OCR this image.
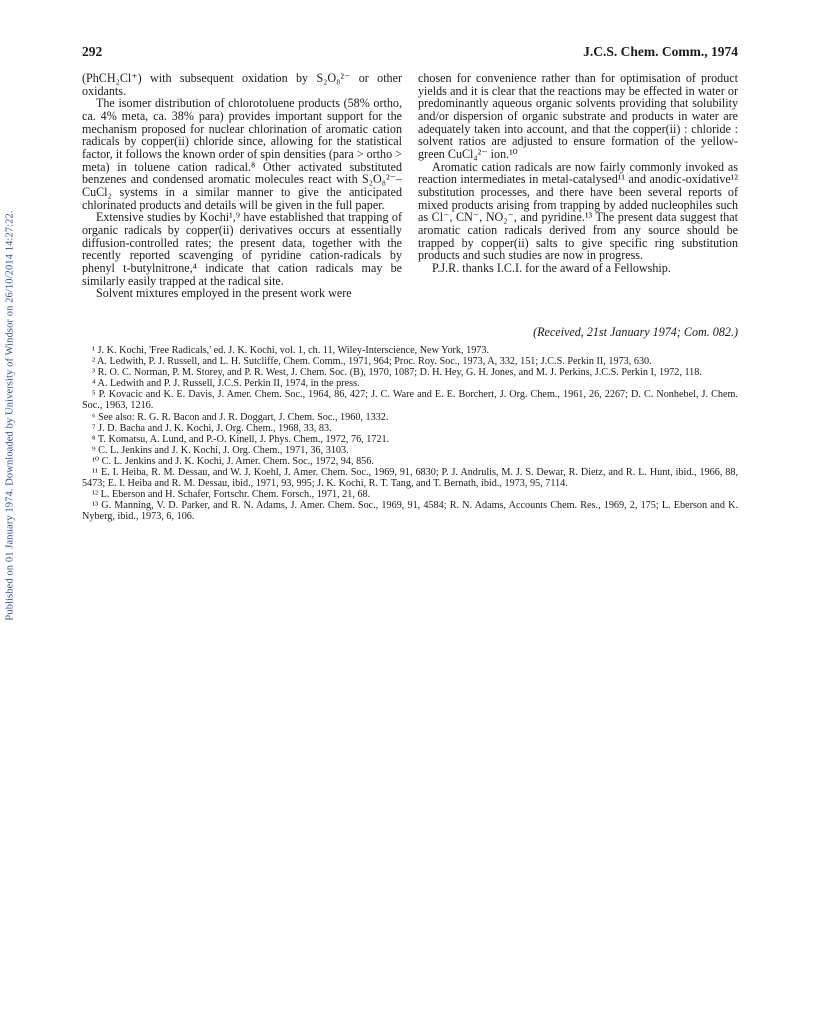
Published on 01 January 1974. Downloaded by University of Windsor on 26/10/2014 14:27:22.
292	J.C.S. Chem. Comm., 1974

(PhCH₂Cl⁺) with subsequent oxidation by S₂O₈²⁻ or other oxidants.

The isomer distribution of chlorotoluene products (58% ortho, ca. 4% meta, ca. 38% para) provides important support for the mechanism proposed for nuclear chlorination of aromatic cation radicals by copper(ii) chloride since, allowing for the statistical factor, it follows the known order of spin densities (para > ortho > meta) in toluene cation radical.⁸ Other activated substituted benzenes and condensed aromatic molecules react with S₂O₈²⁻–CuCl₂ systems in a similar manner to give the anticipated chlorinated products and details will be given in the full paper.

Extensive studies by Kochi¹,⁹ have established that trapping of organic radicals by copper(ii) derivatives occurs at essentially diffusion-controlled rates; the present data, together with the recently reported scavenging of pyridine cation-radicals by phenyl t-butylnitrone,⁴ indicate that cation radicals may be similarly easily trapped at the radical site.

Solvent mixtures employed in the present work were

chosen for convenience rather than for optimisation of product yields and it is clear that the reactions may be effected in water or predominantly aqueous organic solvents providing that solubility and/or dispersion of organic substrate and products in water are adequately taken into account, and that the copper(ii) : chloride : solvent ratios are adjusted to ensure formation of the yellow-green CuCl₄²⁻ ion.¹⁰

Aromatic cation radicals are now fairly commonly invoked as reaction intermediates in metal-catalysed¹¹ and anodic-oxidative¹² substitution processes, and there have been several reports of mixed products arising from trapping by added nucleophiles such as Cl⁻, CN⁻, NO₂⁻, and pyridine.¹³ The present data suggest that aromatic cation radicals derived from any source should be trapped by copper(ii) salts to give specific ring substitution products and such studies are now in progress.

P.J.R. thanks I.C.I. for the award of a Fellowship.

(Received, 21st January 1974; Com. 082.)

¹ J. K. Kochi, 'Free Radicals,' ed. J. K. Kochi, vol. 1, ch. 11, Wiley-Interscience, New York, 1973.

² A. Ledwith, P. J. Russell, and L. H. Sutcliffe, Chem. Comm., 1971, 964; Proc. Roy. Soc., 1973, A, 332, 151; J.C.S. Perkin II, 1973, 630.

³ R. O. C. Norman, P. M. Storey, and P. R. West, J. Chem. Soc. (B), 1970, 1087; D. H. Hey, G. H. Jones, and M. J. Perkins, J.C.S. Perkin I, 1972, 118.

⁴ A. Ledwith and P. J. Russell, J.C.S. Perkin II, 1974, in the press.

⁵ P. Kovacic and K. E. Davis, J. Amer. Chem. Soc., 1964, 86, 427; J. C. Ware and E. E. Borchert, J. Org. Chem., 1961, 26, 2267; D. C. Nonhebel, J. Chem. Soc., 1963, 1216.

⁶ See also: R. G. R. Bacon and J. R. Doggart, J. Chem. Soc., 1960, 1332.

⁷ J. D. Bacha and J. K. Kochi, J. Org. Chem., 1968, 33, 83.

⁸ T. Komatsu, A. Lund, and P.-O. Kinell, J. Phys. Chem., 1972, 76, 1721.

⁹ C. L. Jenkins and J. K. Kochi, J. Org. Chem., 1971, 36, 3103.

¹⁰ C. L. Jenkins and J. K. Kochi, J. Amer. Chem. Soc., 1972, 94, 856.

¹¹ E. I. Heiba, R. M. Dessau, and W. J. Koehl, J. Amer. Chem. Soc., 1969, 91, 6830; P. J. Andrulis, M. J. S. Dewar, R. Dietz, and R. L. Hunt, ibid., 1966, 88, 5473; E. I. Heiba and R. M. Dessau, ibid., 1971, 93, 995; J. K. Kochi, R. T. Tang, and T. Bernath, ibid., 1973, 95, 7114.

¹² L. Eberson and H. Schafer, Fortschr. Chem. Forsch., 1971, 21, 68.

¹³ G. Manning, V. D. Parker, and R. N. Adams, J. Amer. Chem. Soc., 1969, 91, 4584; R. N. Adams, Accounts Chem. Res., 1969, 2, 175; L. Eberson and K. Nyberg, ibid., 1973, 6, 106.
